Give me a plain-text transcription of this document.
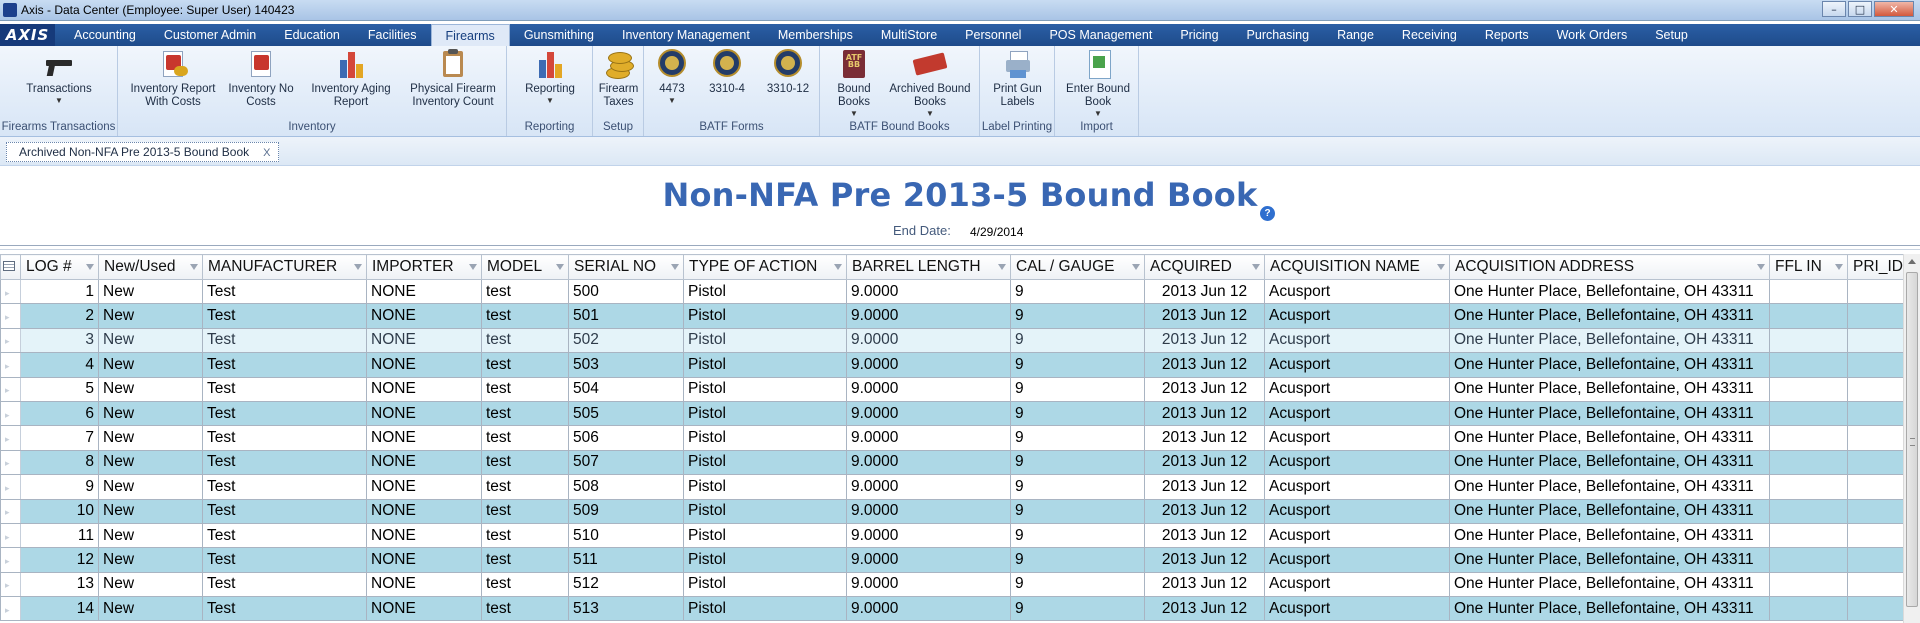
Axis - Data Center (Employee: Super User) 140423	–	□	✕
AXIS	Accounting	Customer Admin	Education	Facilities	Firearms	Gunsmithing	Inventory Management	Memberships	MultiStore	Personnel	POS Management	Pricing	Purchasing	Range	Receiving	Reports	Work Orders	Setup
Transactions
▼
Firearms Transactions
Inventory Report
With Costs
Inventory No
Costs
Inventory Aging
Report
Physical Firearm
Inventory Count
Inventory
Reporting
▼
Reporting
Firearm
Taxes
Setup
4473
▼
3310-4	3310-12
BATF Forms
ATF
BB
Bound
Books
▼
Archived Bound
Books
▼
BATF Bound Books
Print Gun
Labels
Label Printing
Enter Bound
Book
▼
Import
Archived Non-NFA Pre 2013-5 Bound Book X
Non-NFA Pre 2013-5 Bound Book ?
End Date: 4/29/2014
	LOG #	New/Used	MANUFACTURER	IMPORTER	MODEL	SERIAL NO	TYPE OF ACTION	BARREL LENGTH	CAL / GAUGE	ACQUIRED	ACQUISITION NAME	ACQUISITION ADDRESS	FFL IN	PRI_ID
▸	1	New	Test	NONE	test	500	Pistol	9.0000	9	2013 Jun 12	Acusport	One Hunter Place, Bellefontaine, OH 43311		
▸	2	New	Test	NONE	test	501	Pistol	9.0000	9	2013 Jun 12	Acusport	One Hunter Place, Bellefontaine, OH 43311		
▸	3	New	Test	NONE	test	502	Pistol	9.0000	9	2013 Jun 12	Acusport	One Hunter Place, Bellefontaine, OH 43311		
▸	4	New	Test	NONE	test	503	Pistol	9.0000	9	2013 Jun 12	Acusport	One Hunter Place, Bellefontaine, OH 43311		
▸	5	New	Test	NONE	test	504	Pistol	9.0000	9	2013 Jun 12	Acusport	One Hunter Place, Bellefontaine, OH 43311		
▸	6	New	Test	NONE	test	505	Pistol	9.0000	9	2013 Jun 12	Acusport	One Hunter Place, Bellefontaine, OH 43311		
▸	7	New	Test	NONE	test	506	Pistol	9.0000	9	2013 Jun 12	Acusport	One Hunter Place, Bellefontaine, OH 43311		
▸	8	New	Test	NONE	test	507	Pistol	9.0000	9	2013 Jun 12	Acusport	One Hunter Place, Bellefontaine, OH 43311		
▸	9	New	Test	NONE	test	508	Pistol	9.0000	9	2013 Jun 12	Acusport	One Hunter Place, Bellefontaine, OH 43311		
▸	10	New	Test	NONE	test	509	Pistol	9.0000	9	2013 Jun 12	Acusport	One Hunter Place, Bellefontaine, OH 43311		
▸	11	New	Test	NONE	test	510	Pistol	9.0000	9	2013 Jun 12	Acusport	One Hunter Place, Bellefontaine, OH 43311		
▸	12	New	Test	NONE	test	511	Pistol	9.0000	9	2013 Jun 12	Acusport	One Hunter Place, Bellefontaine, OH 43311		
▸	13	New	Test	NONE	test	512	Pistol	9.0000	9	2013 Jun 12	Acusport	One Hunter Place, Bellefontaine, OH 43311		
▸	14	New	Test	NONE	test	513	Pistol	9.0000	9	2013 Jun 12	Acusport	One Hunter Place, Bellefontaine, OH 43311		
